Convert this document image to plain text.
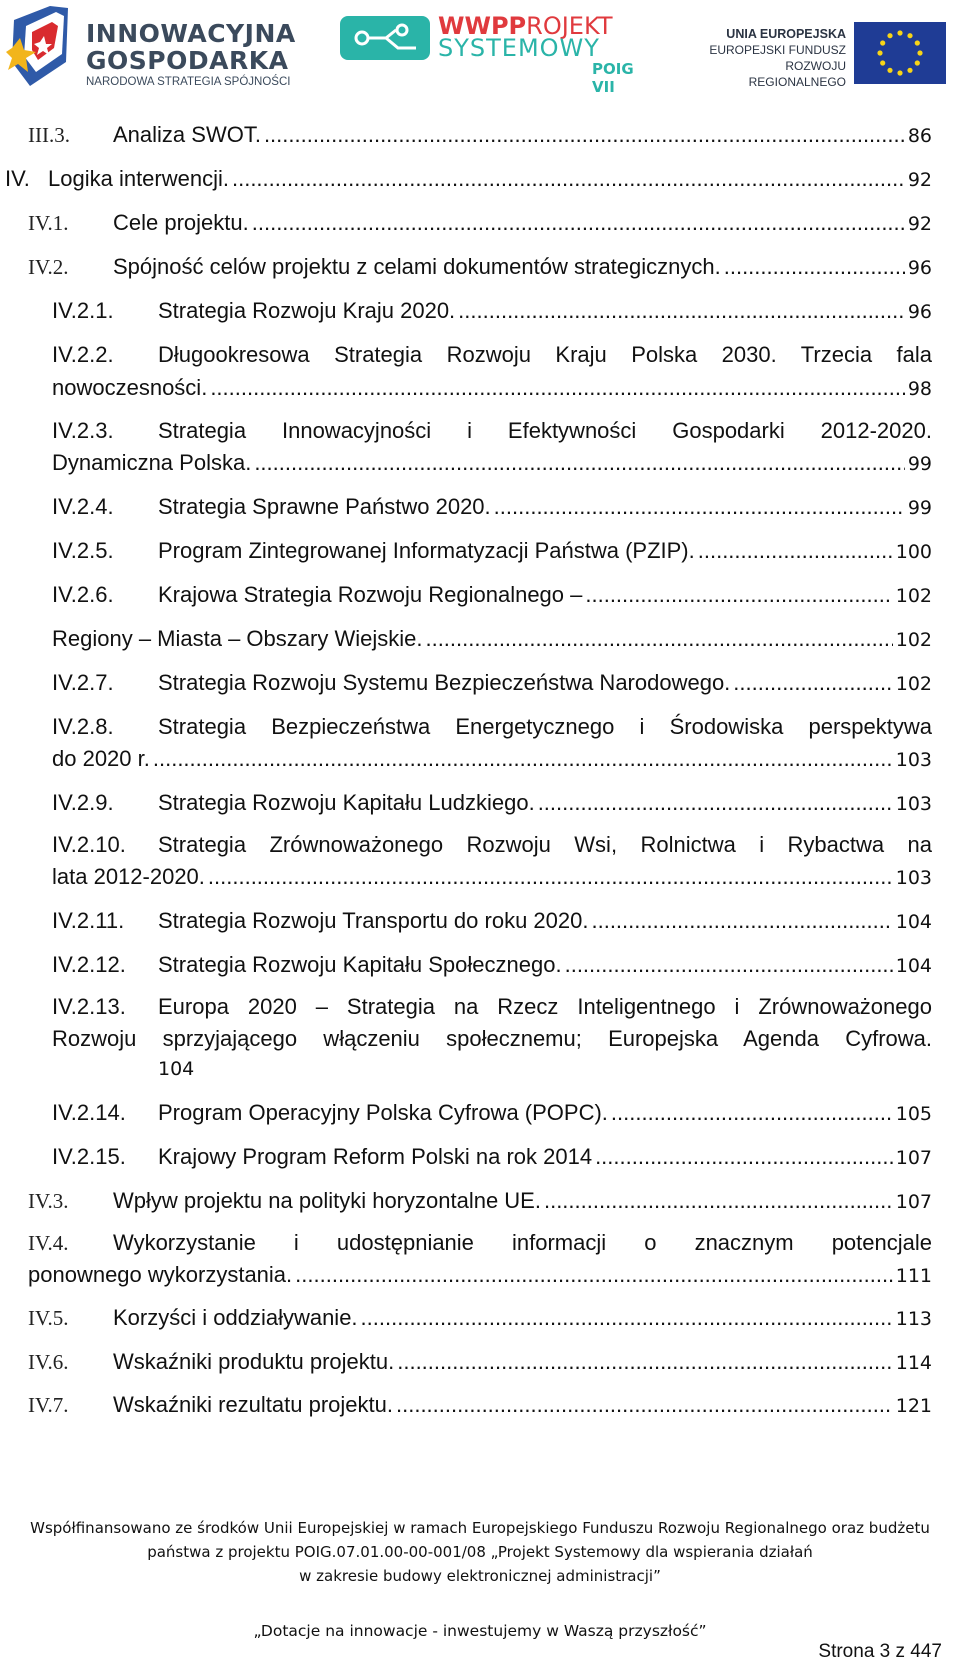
INNOWACYJNA
GOSPODARKA
NARODOWA STRATEGIA SPÓJNOŚCI
WWPPROJEKT
SYSTEMOWY
POIG VII
UNIA EUROPEJSKA
EUROPEJSKI FUNDUSZ
ROZWOJU REGIONALNEGO
III.3.	Analiza SWOT. .....	86
IV. Logika interwencji. .....	92
IV.1.	Cele projektu. .....	92
IV.2.	Spójność celów projektu z celami dokumentów strategicznych. .....	96
IV.2.1.	Strategia Rozwoju Kraju 2020. .....	96
IV.2.2.	Długookresowa Strategia Rozwoju Kraju Polska 2030. Trzecia fala
nowoczesności. .....	98
IV.2.3.	Strategia Innowacyjności i Efektywności Gospodarki 2012-2020.
Dynamiczna Polska. .....	99
IV.2.4.	Strategia Sprawne Państwo 2020. .....	99
IV.2.5.	Program Zintegrowanej Informatyzacji Państwa (PZIP). .....	100
IV.2.6.	Krajowa Strategia Rozwoju Regionalnego – .....	102
Regiony – Miasta – Obszary Wiejskie. .....	102
IV.2.7.	Strategia Rozwoju Systemu Bezpieczeństwa Narodowego. .....	102
IV.2.8.	Strategia Bezpieczeństwa Energetycznego i Środowiska perspektywa
do 2020 r. .....	103
IV.2.9.	Strategia Rozwoju Kapitału Ludzkiego. .....	103
IV.2.10.	Strategia Zrównoważonego Rozwoju Wsi, Rolnictwa i Rybactwa na
lata 2012-2020. .....	103
IV.2.11.	Strategia Rozwoju Transportu do roku 2020. .....	104
IV.2.12.	Strategia Rozwoju Kapitału Społecznego. .....	104
IV.2.13.	Europa 2020 – Strategia na Rzecz Inteligentnego i Zrównoważonego
Rozwoju sprzyjającego włączeniu społecznemu; Europejska Agenda Cyfrowa.
104
IV.2.14.	Program Operacyjny Polska Cyfrowa (POPC). .....	105
IV.2.15.	Krajowy Program Reform Polski na rok 2014 .....	107
IV.3.	Wpływ projektu na polityki horyzontalne UE. .....	107
IV.4.	Wykorzystanie i udostępnianie informacji o znacznym potencjale
ponownego wykorzystania. .....	111
IV.5.	Korzyści i oddziaływanie. .....	113
IV.6.	Wskaźniki produktu projektu. .....	114
IV.7.	Wskaźniki rezultatu projektu. .....	121
Współfinansowano ze środków Unii Europejskiej w ramach Europejskiego Funduszu Rozwoju Regionalnego oraz budżetu
państwa z projektu POIG.07.01.00-00-001/08 „Projekt Systemowy dla wspierania działań
w zakresie budowy elektronicznej administracji”
„Dotacje na innowacje - inwestujemy w Waszą przyszłość”
Strona 3 z 447
